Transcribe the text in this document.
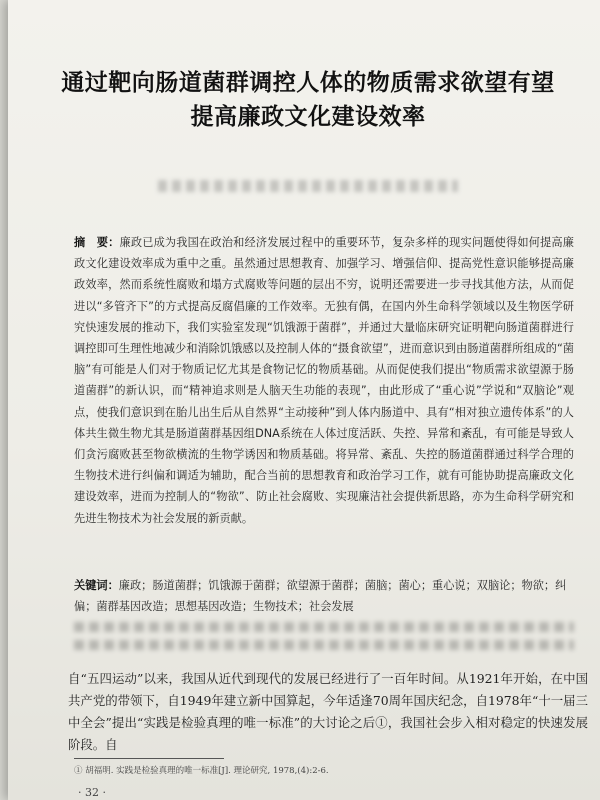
通过靶向肠道菌群调控人体的物质需求欲望有望
提高廉政文化建设效率
摘　要：廉政已成为我国在政治和经济发展过程中的重要环节，复杂多样的现实问题使得如何提高廉政文化建设效率成为重中之重。虽然通过思想教育、加强学习、增强信仰、提高党性意识能够提高廉政效率，然而系统性腐败和塌方式腐败等问题的层出不穷，说明还需要进一步寻找其他方法，从而促进以“多管齐下”的方式提高反腐倡廉的工作效率。无独有偶，在国内外生命科学领域以及生物医学研究快速发展的推动下，我们实验室发现“饥饿源于菌群”，并通过大量临床研究证明靶向肠道菌群进行调控即可生理性地减少和消除饥饿感以及控制人体的“摄食欲望”，进而意识到由肠道菌群所组成的“菌脑”有可能是人们对于物质记忆尤其是食物记忆的物质基础。从而促使我们提出“物质需求欲望源于肠道菌群”的新认识，而“精神追求则是人脑天生功能的表现”，由此形成了“重心说”学说和“双脑论”观点，使我们意识到在胎儿出生后从自然界“主动接种”到人体内肠道中、具有“相对独立遗传体系”的人体共生微生物尤其是肠道菌群基因组DNA系统在人体过度活跃、失控、异常和紊乱，有可能是导致人们贪污腐败甚至物欲横流的生物学诱因和物质基础。将异常、紊乱、失控的肠道菌群通过科学合理的生物技术进行纠偏和调适为辅助，配合当前的思想教育和政治学习工作，就有可能协助提高廉政文化建设效率，进而为控制人的“物欲”、防止社会腐败、实现廉洁社会提供新思路，亦为生命科学研究和先进生物技术为社会发展的新贡献。
关键词：廉政；肠道菌群；饥饿源于菌群；欲望源于菌群；菌脑；菌心；重心说；双脑论；物欲；纠偏；菌群基因改造；思想基因改造；生物技术；社会发展
自“五四运动”以来，我国从近代到现代的发展已经进行了一百年时间。从1921年开始，在中国共产党的带领下，自1949年建立新中国算起，今年适逢70周年国庆纪念，自1978年“十一届三中全会”提出“实践是检验真理的唯一标准”的大讨论之后①，我国社会步入相对稳定的快速发展阶段。自
① 胡福明. 实践是检验真理的唯一标准[J]. 理论研究, 1978,(4):2-6.
· 32 ·
